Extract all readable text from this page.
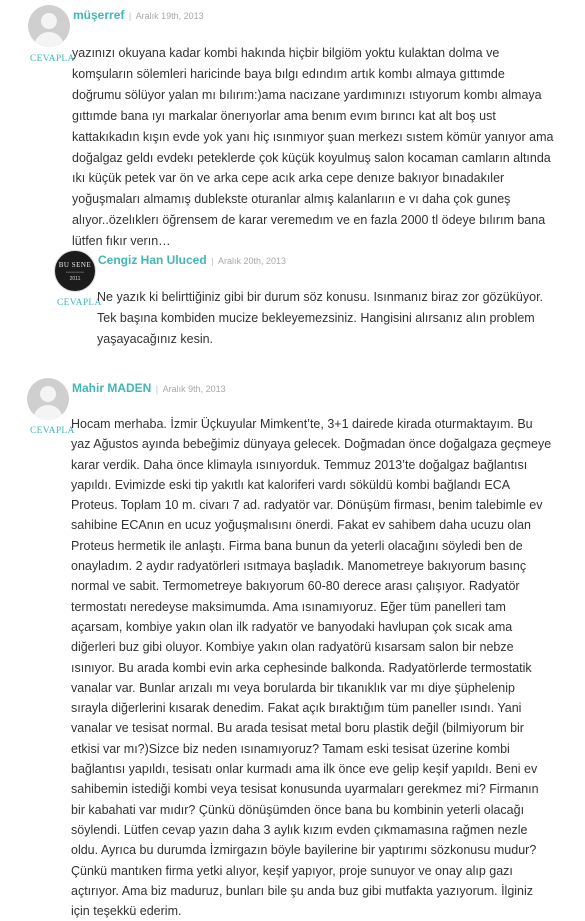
müşerref | Aralık 19th, 2013
CEVAPLA

yazınızı okuyana kadar kombi hakında hiçbir bilgiöm yoktu kulaktan dolma ve komşuların sölemleri haricinde baya bılgı edındım artık kombı almaya gıttımde doğrumu sölüyor yalan mı bılırım:)ama nacızane yardımınızı ıstıyorum kombı almaya gıttımde bana ıyı markalar önerıyorlar ama benım evım bırıncı kat alt boş ust kattakıkadın kışın evde yok yanı hiç ısınmıyor şuan merkezı sıstem kömür yanıyor ama doğalgaz geldı evdekı peteklerde çok küçük koyulmuş salon kocaman camların altında ıkı küçük petek var ön ve arka cepe acık arka cepe denıze bakıyor bınadakıler yoğuşmaları almamış dublekste oturanlar almış kalanlarıın e vı daha çok guneş alıyor..özelıklerı öğrensem de karar veremedım ve en fazla 2000 tl ödeye bılırım bana lütfen fıkır verın…

BU SENE
•••••••••••••••••
2011
Cengiz Han Uluced | Aralık 20th, 2013
CEVAPLA

Ne yazık ki belirttiğiniz gibi bir durum söz konusu. Isınmanız biraz zor gözüküyor. Tek başına kombiden mucize bekleyemezsiniz. Hangisini alırsanız alın problem yaşayacağınız kesin.

Mahir MADEN | Aralık 9th, 2013
CEVAPLA

Hocam merhaba. İzmir Üçkuyular Mimkent’te, 3+1 dairede kirada oturmaktayım. Bu yaz Ağustos ayında bebeğimiz dünyaya gelecek. Doğmadan önce doğalgaza geçmeye karar verdik. Daha önce klimayla ısınıyorduk. Temmuz 2013’te doğalgaz bağlantısı yapıldı. Evimizde eski tip yakıtlı kat kaloriferi vardı söküldü kombi bağlandı ECA Proteus. Toplam 10 m. civarı 7 ad. radyatör var. Dönüşüm firması, benim talebimle ev sahibine ECAnın en ucuz yoğuşmalısını önerdi. Fakat ev sahibem daha ucuzu olan Proteus hermetik ile anlaştı. Firma bana bunun da yeterli olacağını söyledi ben de onayladım. 2 aydır radyatörleri ısıtmaya başladık. Manometreye bakıyorum basınç normal ve sabit. Termometreye bakıyorum 60-80 derece arası çalışıyor. Radyatör termostatı neredeyse maksimumda. Ama ısınamıyoruz. Eğer tüm panelleri tam açarsam, kombiye yakın olan ilk radyatör ve banyodaki havlupan çok sıcak ama diğerleri buz gibi oluyor. Kombiye yakın olan radyatörü kısarsam salon bir nebze ısınıyor. Bu arada kombi evin arka cephesinde balkonda. Radyatörlerde termostatik vanalar var. Bunlar arızalı mı veya borularda bir tıkanıklık var mı diye şüphelenip sırayla diğerlerini kısarak denedim. Fakat açık bıraktığım tüm paneller ısındı. Yani vanalar ve tesisat normal. Bu arada tesisat metal boru plastik değil (bilmiyorum bir etkisi var mı?)Sizce biz neden ısınamıyoruz? Tamam eski tesisat üzerine kombi bağlantısı yapıldı, tesisatı onlar kurmadı ama ilk önce eve gelip keşif yapıldı. Beni ev sahibemin istediği kombi veya tesisat konusunda uyarmaları gerekmez mi? Firmanın bir kabahati var mıdır? Çünkü dönüşümden önce bana bu kombinin yeterli olacağı söylendi. Lütfen cevap yazın daha 3 aylık kızım evden çıkmamasına rağmen nezle oldu. Ayrıca bu durumda İzmirgazın böyle bayilerine bir yaptırımı sözkonusu mudur? Çünkü mantıken firma yetki alıyor, keşif yapıyor, proje sunuyor ve onay alıp gazı açtırıyor. Ama biz maduruz, bunları bile şu anda buz gibi mutfakta yazıyorum. İlginiz için teşekkü ederim.
